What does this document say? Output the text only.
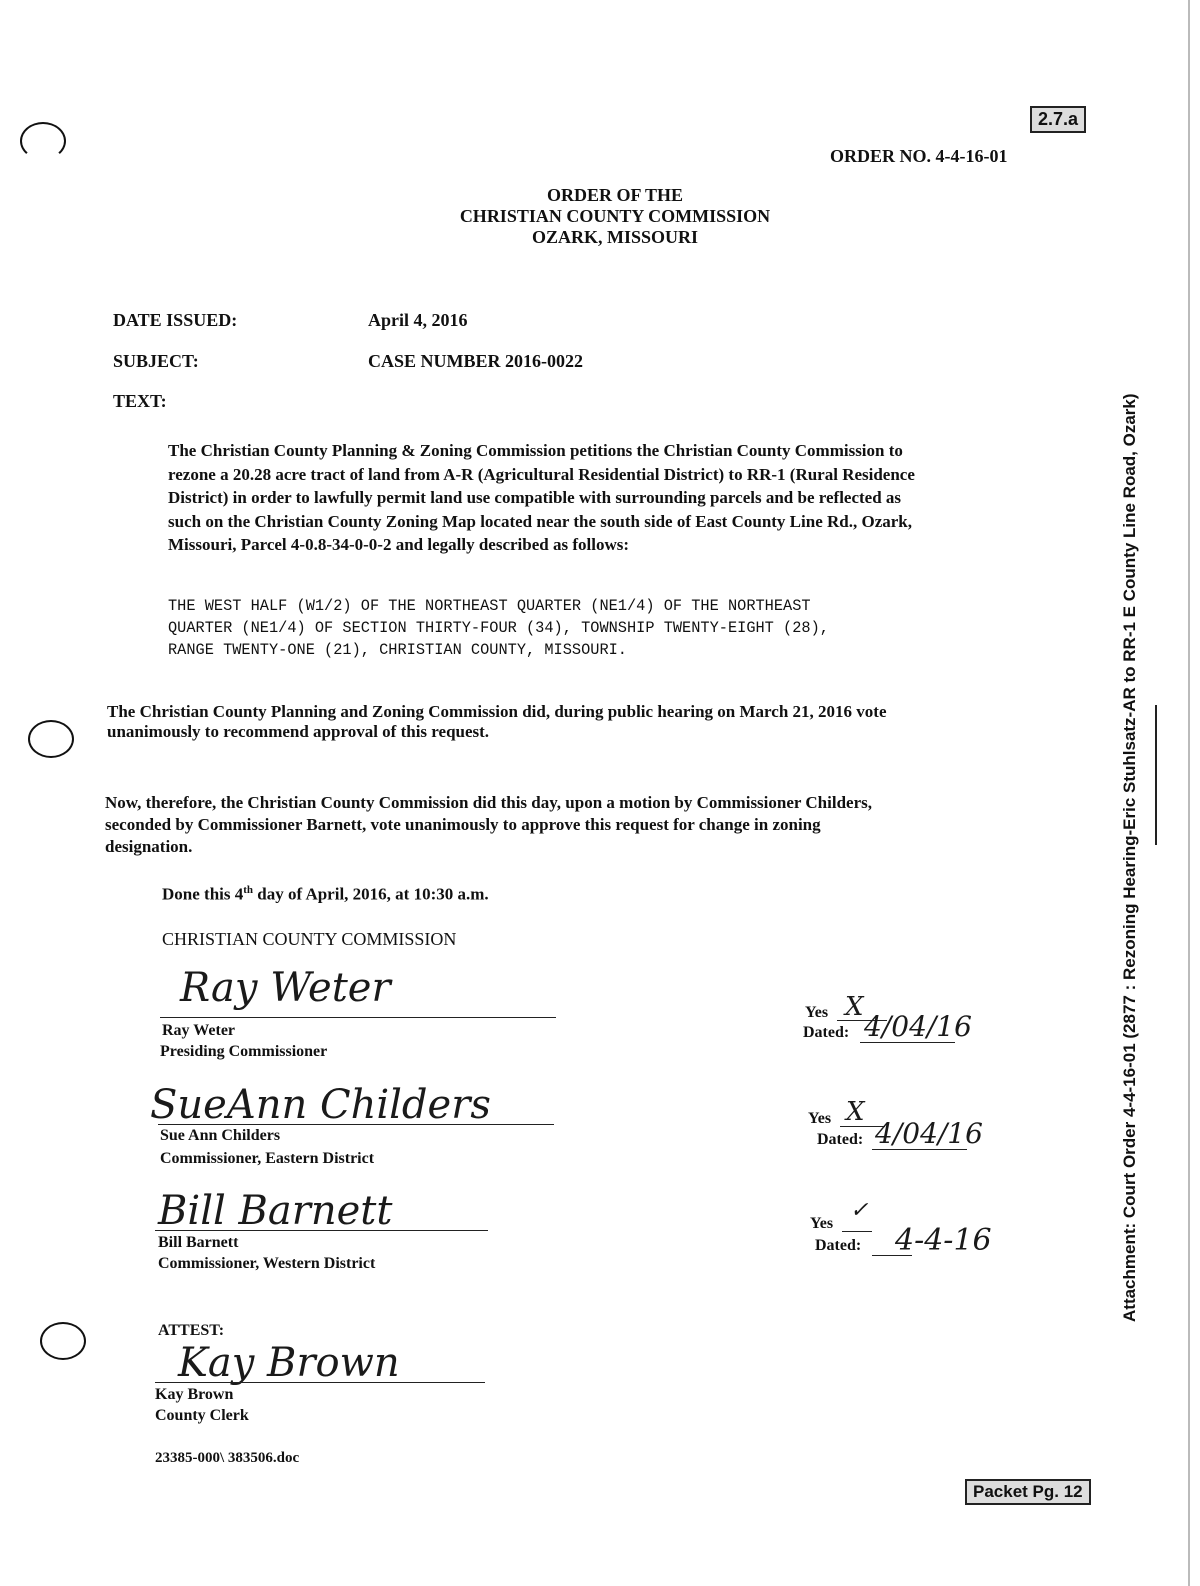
2.7.a
ORDER NO. 4-4-16-01
ORDER OF THE
CHRISTIAN COUNTY COMMISSION
OZARK, MISSOURI
DATE ISSUED:	April 4, 2016
SUBJECT:	CASE NUMBER 2016-0022
TEXT:
The Christian County Planning & Zoning Commission petitions the Christian County Commission to
rezone a 20.28 acre tract of land from A-R (Agricultural Residential District) to RR-1 (Rural Residence
District) in order to lawfully permit land use compatible with surrounding parcels and be reflected as
such on the Christian County Zoning Map located near the south side of East County Line Rd., Ozark,
Missouri, Parcel 4-0.8-34-0-0-2 and legally described as follows:
THE WEST HALF (W1/2) OF THE NORTHEAST QUARTER (NE1/4) OF THE NORTHEAST
QUARTER (NE1/4) OF SECTION THIRTY-FOUR (34), TOWNSHIP TWENTY-EIGHT (28),
RANGE TWENTY-ONE (21), CHRISTIAN COUNTY, MISSOURI.
The Christian County Planning and Zoning Commission did, during public hearing on March 21, 2016 vote
unanimously to recommend approval of this request.
Now, therefore, the Christian County Commission did this day, upon a motion by Commissioner Childers,
seconded by Commissioner Barnett, vote unanimously to approve this request for change in zoning
designation.
Done this 4th day of April, 2016, at 10:30 a.m.
CHRISTIAN COUNTY COMMISSION
Ray Weter
Ray Weter
Presiding Commissioner
SueAnn Childers
Sue Ann Childers
Commissioner, Eastern District
Bill Barnett
Bill Barnett
Commissioner, Western District
Yes X
Dated: 4/04/16
Yes X
Dated: 4/04/16
Yes
✓
Dated: 4-4-16
ATTEST:
Kay Brown
Kay Brown
County Clerk
23385-000\ 383506.doc
Packet Pg. 12
Attachment: Court Order 4-4-16-01 (2877 : Rezoning Hearing-Eric Stuhlsatz-AR to RR-1 E County Line Road, Ozark)
